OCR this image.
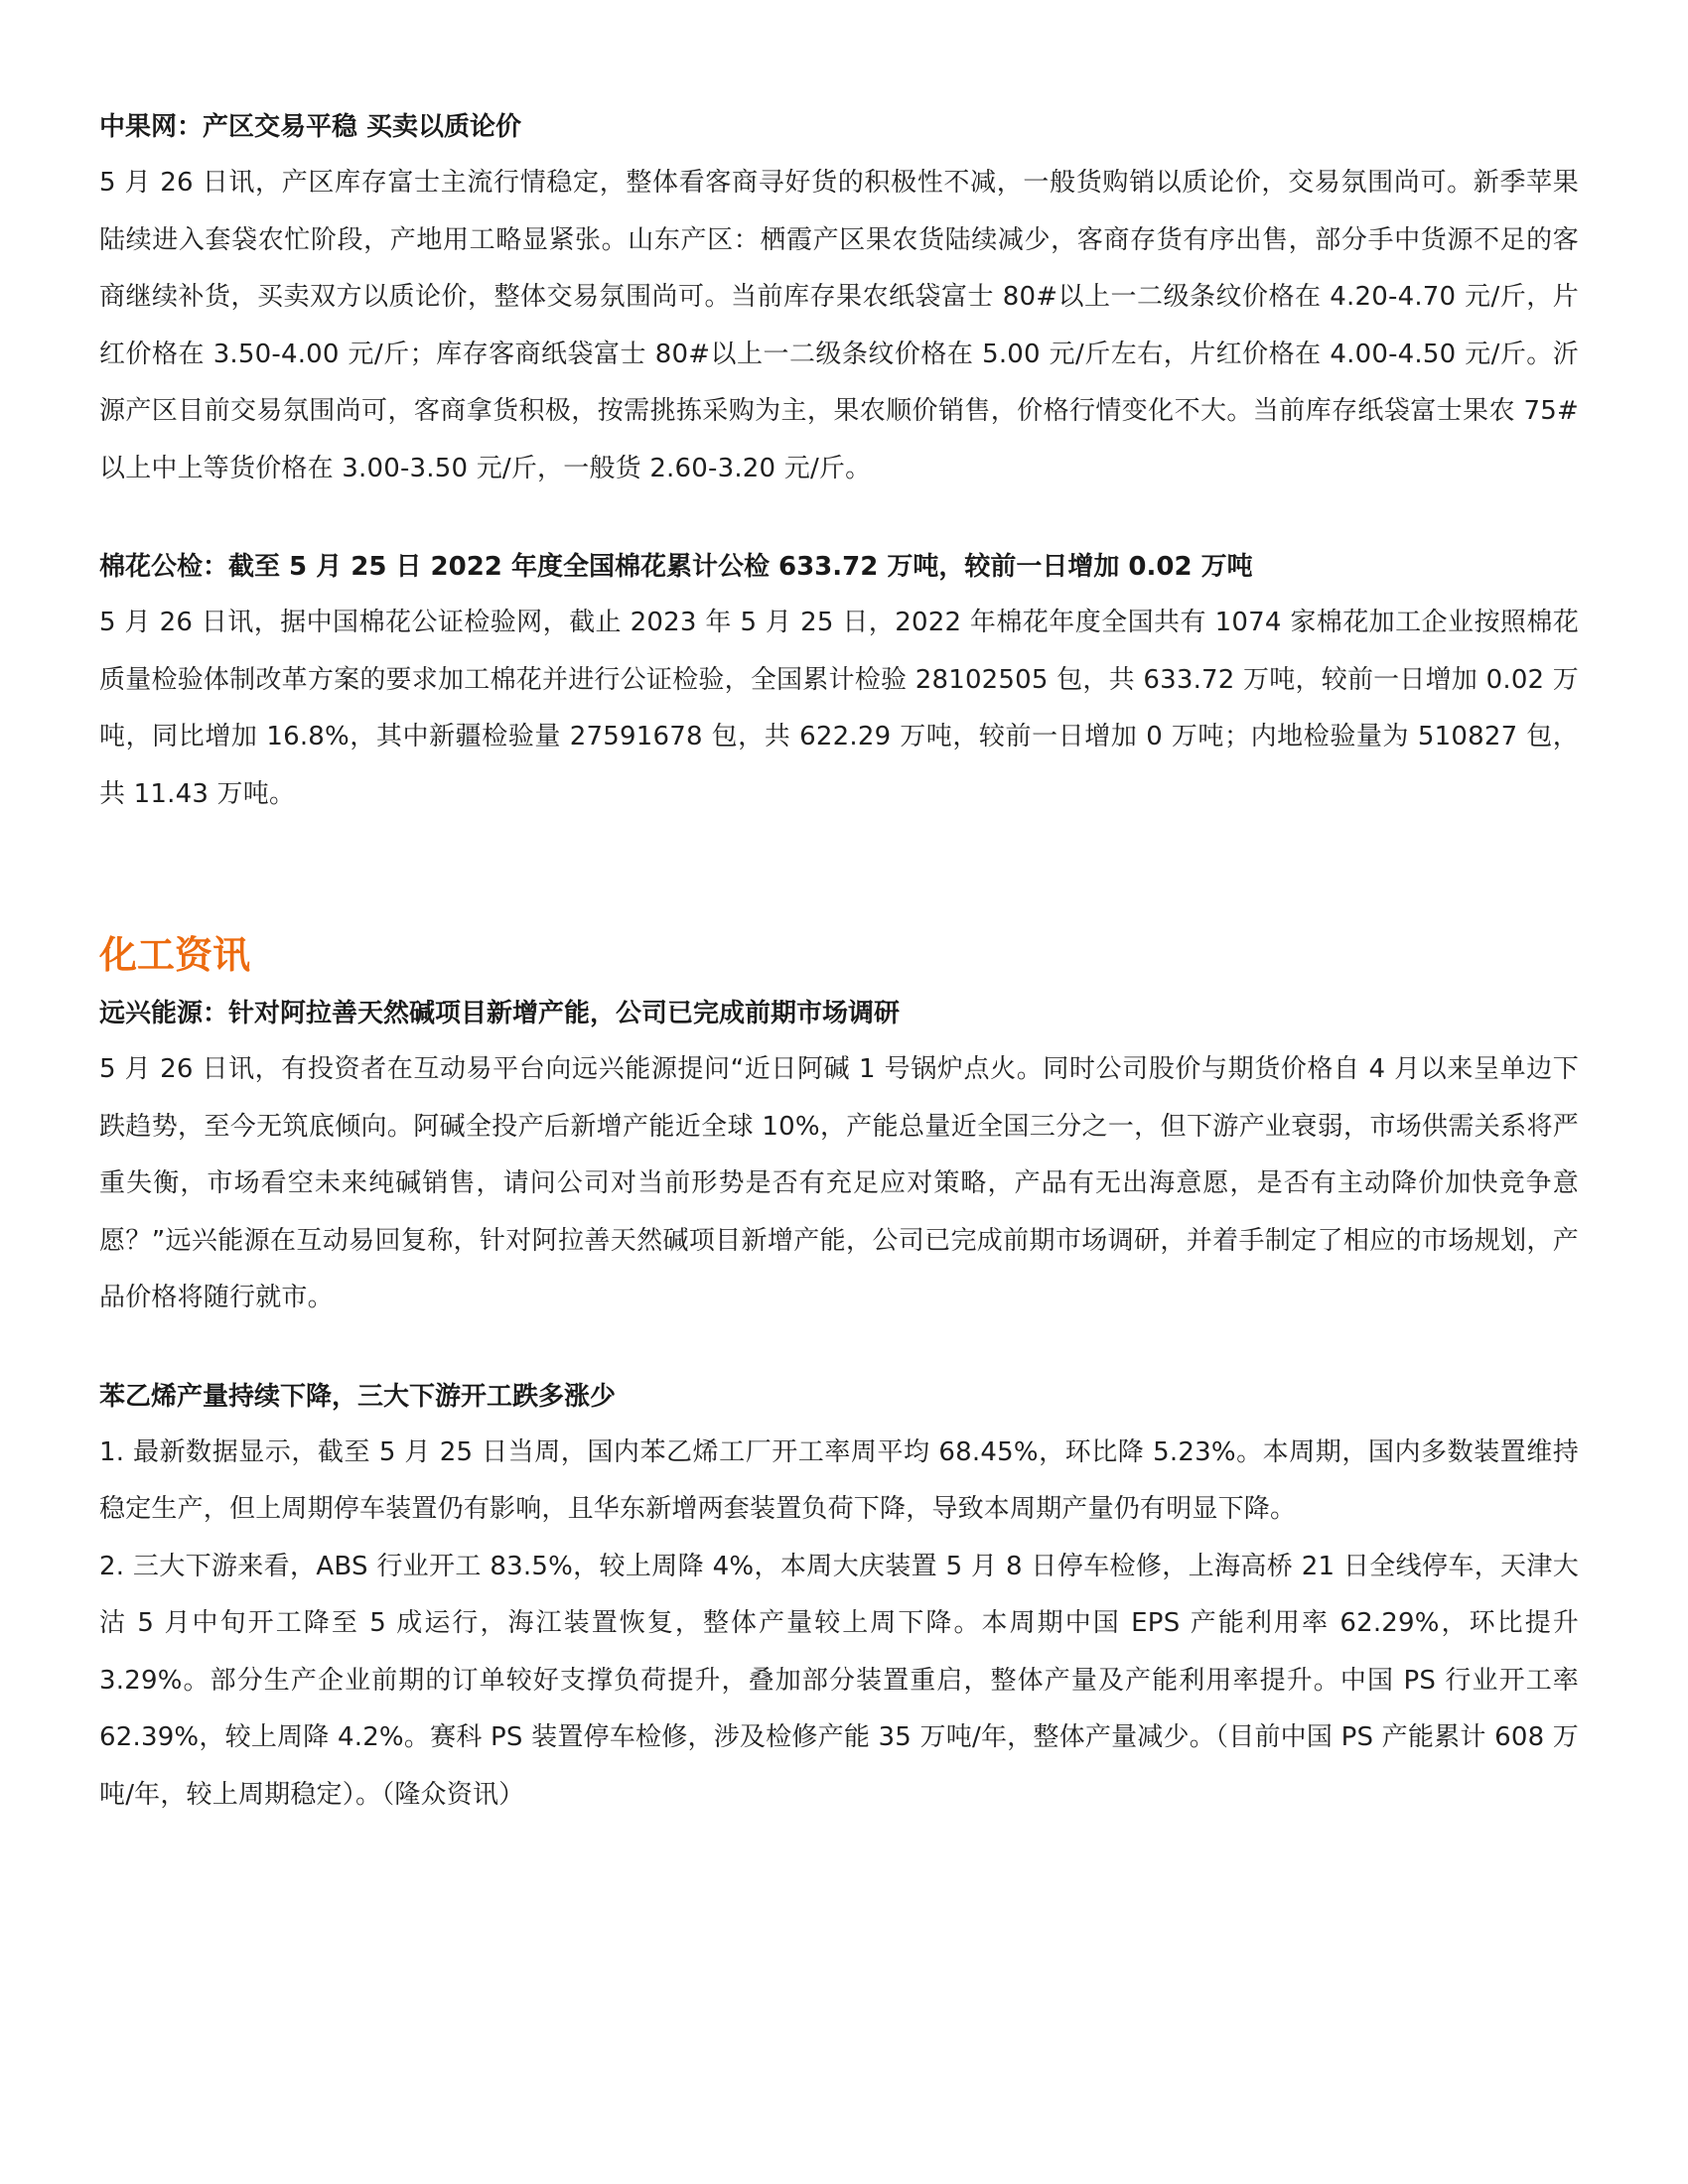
中果网：产区交易平稳 买卖以质论价

5 月 26 日讯，产区库存富士主流行情稳定，整体看客商寻好货的积极性不减，一般货购销以质论价，交易氛围尚可。新季苹果陆续进入套袋农忙阶段，产地用工略显紧张。山东产区：栖霞产区果农货陆续减少，客商存货有序出售，部分手中货源不足的客商继续补货，买卖双方以质论价，整体交易氛围尚可。当前库存果农纸袋富士 80#以上一二级条纹价格在 4.20-4.70 元/斤，片红价格在 3.50-4.00 元/斤；库存客商纸袋富士 80#以上一二级条纹价格在 5.00 元/斤左右，片红价格在 4.00-4.50 元/斤。沂源产区目前交易氛围尚可，客商拿货积极，按需挑拣采购为主，果农顺价销售，价格行情变化不大。当前库存纸袋富士果农 75#以上中上等货价格在 3.00-3.50 元/斤，一般货 2.60-3.20 元/斤。

棉花公检：截至 5 月 25 日 2022 年度全国棉花累计公检 633.72 万吨，较前一日增加 0.02 万吨

5 月 26 日讯，据中国棉花公证检验网，截止 2023 年 5 月 25 日，2022 年棉花年度全国共有 1074 家棉花加工企业按照棉花质量检验体制改革方案的要求加工棉花并进行公证检验，全国累计检验 28102505 包，共 633.72 万吨，较前一日增加 0.02 万吨，同比增加 16.8%，其中新疆检验量 27591678 包，共 622.29 万吨，较前一日增加 0 万吨；内地检验量为 510827 包，共 11.43 万吨。

化工资讯
远兴能源：针对阿拉善天然碱项目新增产能，公司已完成前期市场调研

5 月 26 日讯，有投资者在互动易平台向远兴能源提问“近日阿碱 1 号锅炉点火。同时公司股价与期货价格自 4 月以来呈单边下跌趋势，至今无筑底倾向。阿碱全投产后新增产能近全球 10%，产能总量近全国三分之一，但下游产业衰弱，市场供需关系将严重失衡，市场看空未来纯碱销售，请问公司对当前形势是否有充足应对策略，产品有无出海意愿，是否有主动降价加快竞争意愿？”远兴能源在互动易回复称，针对阿拉善天然碱项目新增产能，公司已完成前期市场调研，并着手制定了相应的市场规划，产品价格将随行就市。

苯乙烯产量持续下降，三大下游开工跌多涨少

1. 最新数据显示，截至 5 月 25 日当周，国内苯乙烯工厂开工率周平均 68.45%，环比降 5.23%。本周期，国内多数装置维持稳定生产，但上周期停车装置仍有影响，且华东新增两套装置负荷下降，导致本周期产量仍有明显下降。

2. 三大下游来看，ABS 行业开工 83.5%，较上周降 4%，本周大庆装置 5 月 8 日停车检修，上海高桥 21 日全线停车，天津大沽 5 月中旬开工降至 5 成运行，海江装置恢复，整体产量较上周下降。本周期中国 EPS 产能利用率 62.29%，环比提升 3.29%。部分生产企业前期的订单较好支撑负荷提升，叠加部分装置重启，整体产量及产能利用率提升。中国 PS 行业开工率 62.39%，较上周降 4.2%。赛科 PS 装置停车检修，涉及检修产能 35 万吨/年，整体产量减少。（目前中国 PS 产能累计 608 万吨/年，较上周期稳定）。（隆众资讯）
